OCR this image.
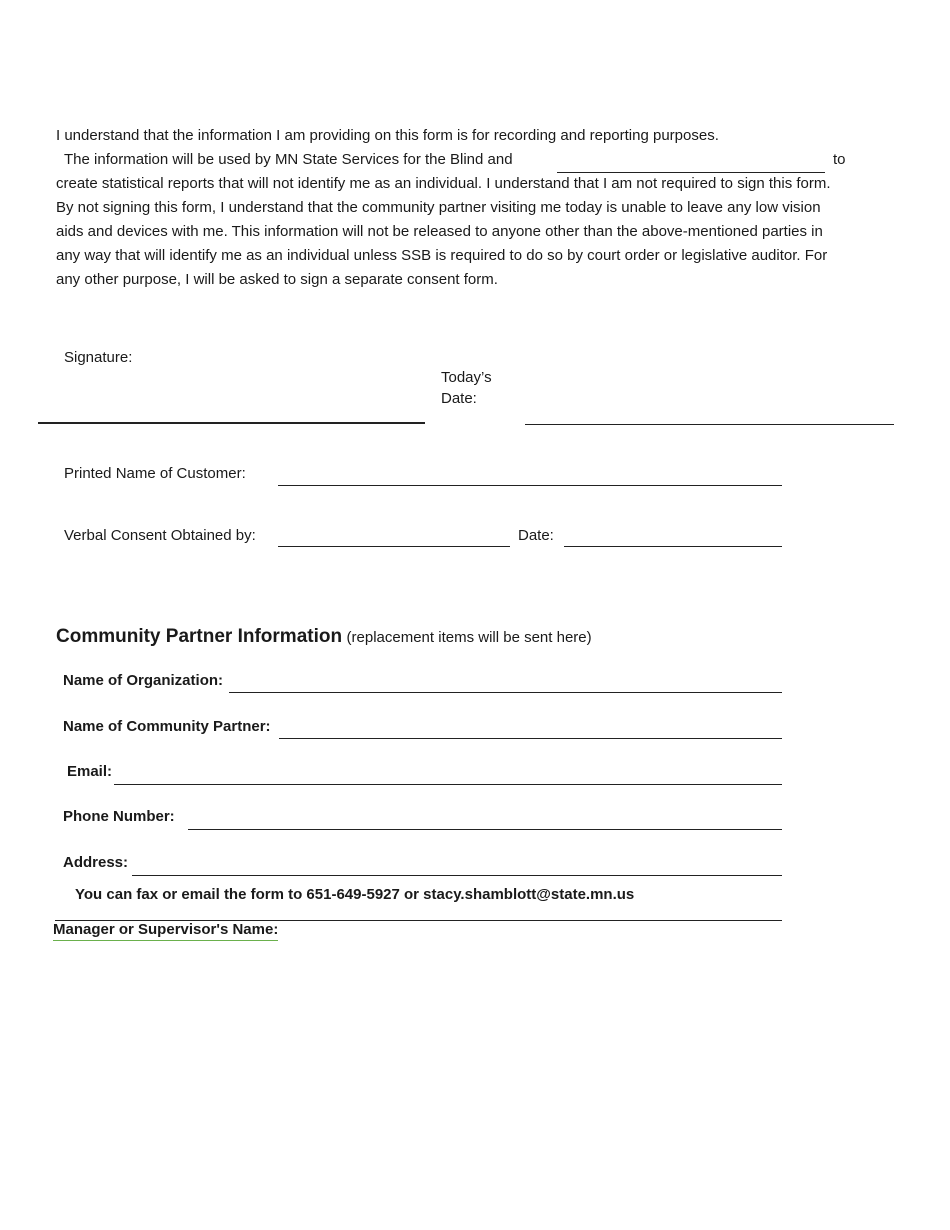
I understand that the information I am providing on this form is for recording and reporting purposes.
The information will be used by MN State Services for the Blind and
create statistical reports that will not identify me as an individual. I understand that I am not required to sign this form.
By not signing this form, I understand that the community partner visiting me today is unable to leave any low vision
aids and devices with me. This information will not be released to anyone other than the above-mentioned parties in
any way that will identify me as an individual unless SSB is required to do so by court order or legislative auditor. For
any other purpose, I will be asked to sign a separate consent form.
to
Signature:
Today’s
Date:
Printed Name of Customer:
Verbal Consent Obtained by:	Date:
Community Partner Information (replacement items will be sent here)
Name of Organization:
Name of Community Partner:
Email:
Phone Number:
Address:
You can fax or email the form to 651-649-5927 or stacy.shamblott@state.mn.us
Manager or Supervisor's Name:
